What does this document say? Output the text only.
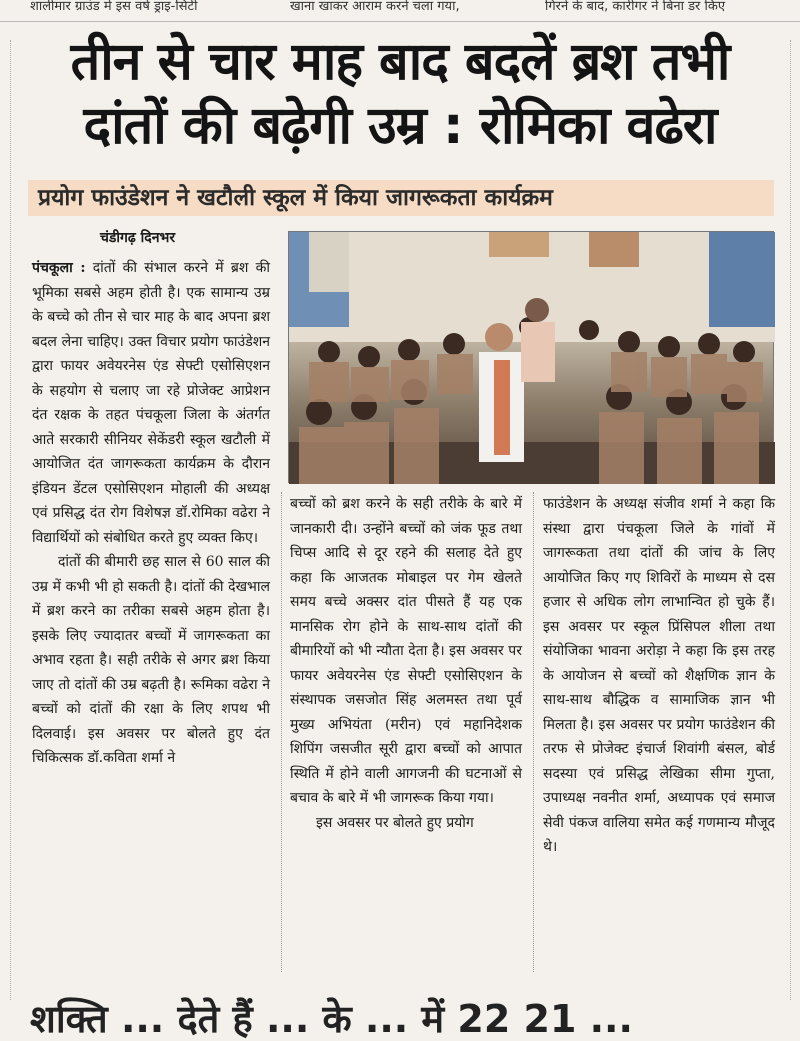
शालीमार ग्राउंड में इस वर्ष ड्राइ-सिटी	खाना खाकर आराम करने चला गया,	गिरने के बाद, कारीगर ने बिना डर किए
तीन से चार माह बाद बदलें ब्रश तभी
दांतों की बढ़ेगी उम्र : रोमिका वढेरा
प्रयोग फाउंडेशन ने खटौली स्कूल में किया जागरूकता कार्यक्रम
चंडीगढ़ दिनभर

पंचकूला : दांतों की संभाल करने में ब्रश की भूमिका सबसे अहम होती है। एक सामान्य उम्र के बच्चे को तीन से चार माह के बाद अपना ब्रश बदल लेना चाहिए। उक्त विचार प्रयोग फाउंडेशन द्वारा फायर अवेयरनेस एंड सेफ्टी एसोसिएशन के सहयोग से चलाए जा रहे प्रोजेक्ट आप्रेशन दंत रक्षक के तहत पंचकूला जिला के अंतर्गत आते सरकारी सीनियर सेकेंडरी स्कूल खटौली में आयोजित दंत जागरूकता कार्यक्रम के दौरान इंडियन डेंटल एसोसिएशन मोहाली की अध्यक्ष एवं प्रसिद्ध दंत रोग विशेषज्ञ डॉ.रोमिका वढेरा ने विद्यार्थियों को संबोधित करते हुए व्यक्त किए।

दांतों की बीमारी छह साल से 60 साल की उम्र में कभी भी हो सकती है। दांतों की देखभाल में ब्रश करने का तरीका सबसे अहम होता है। इसके लिए ज्यादातर बच्चों में जागरूकता का अभाव रहता है। सही तरीके से अगर ब्रश किया जाए तो दांतों की उम्र बढ़ती है। रूमिका वढेरा ने बच्चों को दांतों की रक्षा के लिए शपथ भी दिलवाई। इस अवसर पर बोलते हुए दंत चिकित्सक डॉ.कविता शर्मा ने

बच्चों को ब्रश करने के सही तरीके के बारे में जानकारी दी। उन्होंने बच्चों को जंक फूड तथा चिप्स आदि से दूर रहने की सलाह देते हुए कहा कि आजतक मोबाइल पर गेम खेलते समय बच्चे अक्सर दांत पीसते हैं यह एक मानसिक रोग होने के साथ-साथ दांतों की बीमारियों को भी न्यौता देता है। इस अवसर पर फायर अवेयरनेस एंड सेफ्टी एसोसिएशन के संस्थापक जसजोत सिंह अलमस्त तथा पूर्व मुख्य अभियंता (मरीन) एवं महानिदेशक शिपिंग जसजीत सूरी द्वारा बच्चों को आपात स्थिति में होने वाली आगजनी की घटनाओं से बचाव के बारे में भी जागरूक किया गया।

इस अवसर पर बोलते हुए प्रयोग

फाउंडेशन के अध्यक्ष संजीव शर्मा ने कहा कि संस्था द्वारा पंचकूला जिले के गांवों में जागरूकता तथा दांतों की जांच के लिए आयोजित किए गए शिविरों के माध्यम से दस हजार से अधिक लोग लाभान्वित हो चुके हैं। इस अवसर पर स्कूल प्रिंसिपल शीला तथा संयोजिका भावना अरोड़ा ने कहा कि इस तरह के आयोजन से बच्चों को शैक्षणिक ज्ञान के साथ-साथ बौद्धिक व सामाजिक ज्ञान भी मिलता है। इस अवसर पर प्रयोग फाउंडेशन की तरफ से प्रोजेक्ट इंचार्ज शिवांगी बंसल, बोर्ड सदस्या एवं प्रसिद्ध लेखिका सीमा गुप्ता, उपाध्यक्ष नवनीत शर्मा, अध्यापक एवं समाज सेवी पंकज वालिया समेत कई गणमान्य मौजूद थे।

शक्ति ... देते हैं ... के ... में 22 21 ...
